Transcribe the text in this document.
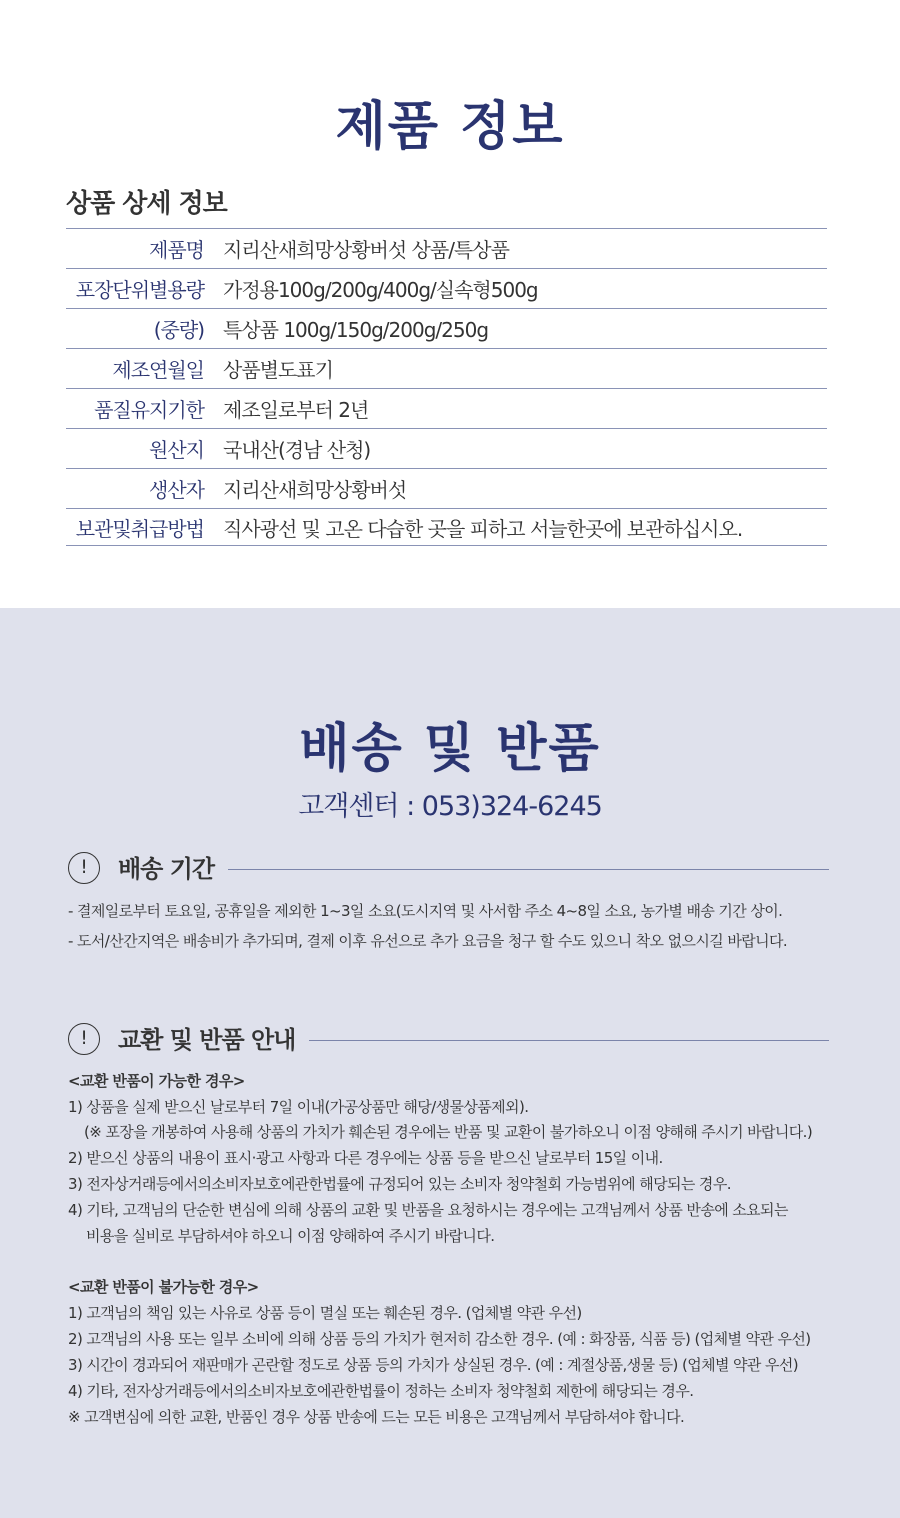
제품 정보
상품 상세 정보
제품명 지리산새희망상황버섯 상품/특상품
포장단위별용량 가정용100g/200g/400g/실속형500g
(중량) 특상품 100g/150g/200g/250g
제조연월일 상품별도표기
품질유지기한 제조일로부터 2년
원산지 국내산(경남 산청)
생산자 지리산새희망상황버섯
보관및취급방법 직사광선 및 고온 다습한 곳을 피하고 서늘한곳에 보관하십시오.
배송 및 반품
고객센터 : 053)324-6245
!	배송 기간
- 결제일로부터 토요일, 공휴일을 제외한 1~3일 소요(도시지역 및 사서함 주소 4~8일 소요, 농가별 배송 기간 상이.
- 도서/산간지역은 배송비가 추가되며, 결제 이후 유선으로 추가 요금을 청구 할 수도 있으니 착오 없으시길 바랍니다.
!	교환 및 반품 안내
<교환 반품이 가능한 경우>
1) 상품을 실제 받으신 날로부터 7일 이내(가공상품만 해당/생물상품제외).
(※ 포장을 개봉하여 사용해 상품의 가치가 훼손된 경우에는 반품 및 교환이 불가하오니 이점 양해해 주시기 바랍니다.)
2) 받으신 상품의 내용이 표시·광고 사항과 다른 경우에는 상품 등을 받으신 날로부터 15일 이내.
3) 전자상거래등에서의소비자보호에관한법률에 규정되어 있는 소비자 청약철회 가능범위에 해당되는 경우.
4) 기타, 고객님의 단순한 변심에 의해 상품의 교환 및 반품을 요청하시는 경우에는 고객님께서 상품 반송에 소요되는
비용을 실비로 부담하셔야 하오니 이점 양해하여 주시기 바랍니다.
<교환 반품이 불가능한 경우>
1) 고객님의 책임 있는 사유로 상품 등이 멸실 또는 훼손된 경우. (업체별 약관 우선)
2) 고객님의 사용 또는 일부 소비에 의해 상품 등의 가치가 현저히 감소한 경우. (예 : 화장품, 식품 등) (업체별 약관 우선)
3) 시간이 경과되어 재판매가 곤란할 정도로 상품 등의 가치가 상실된 경우. (예 : 계절상품,생물 등) (업체별 약관 우선)
4) 기타, 전자상거래등에서의소비자보호에관한법률이 정하는 소비자 청약철회 제한에 해당되는 경우.
※ 고객변심에 의한 교환, 반품인 경우 상품 반송에 드는 모든 비용은 고객님께서 부담하셔야 합니다.
